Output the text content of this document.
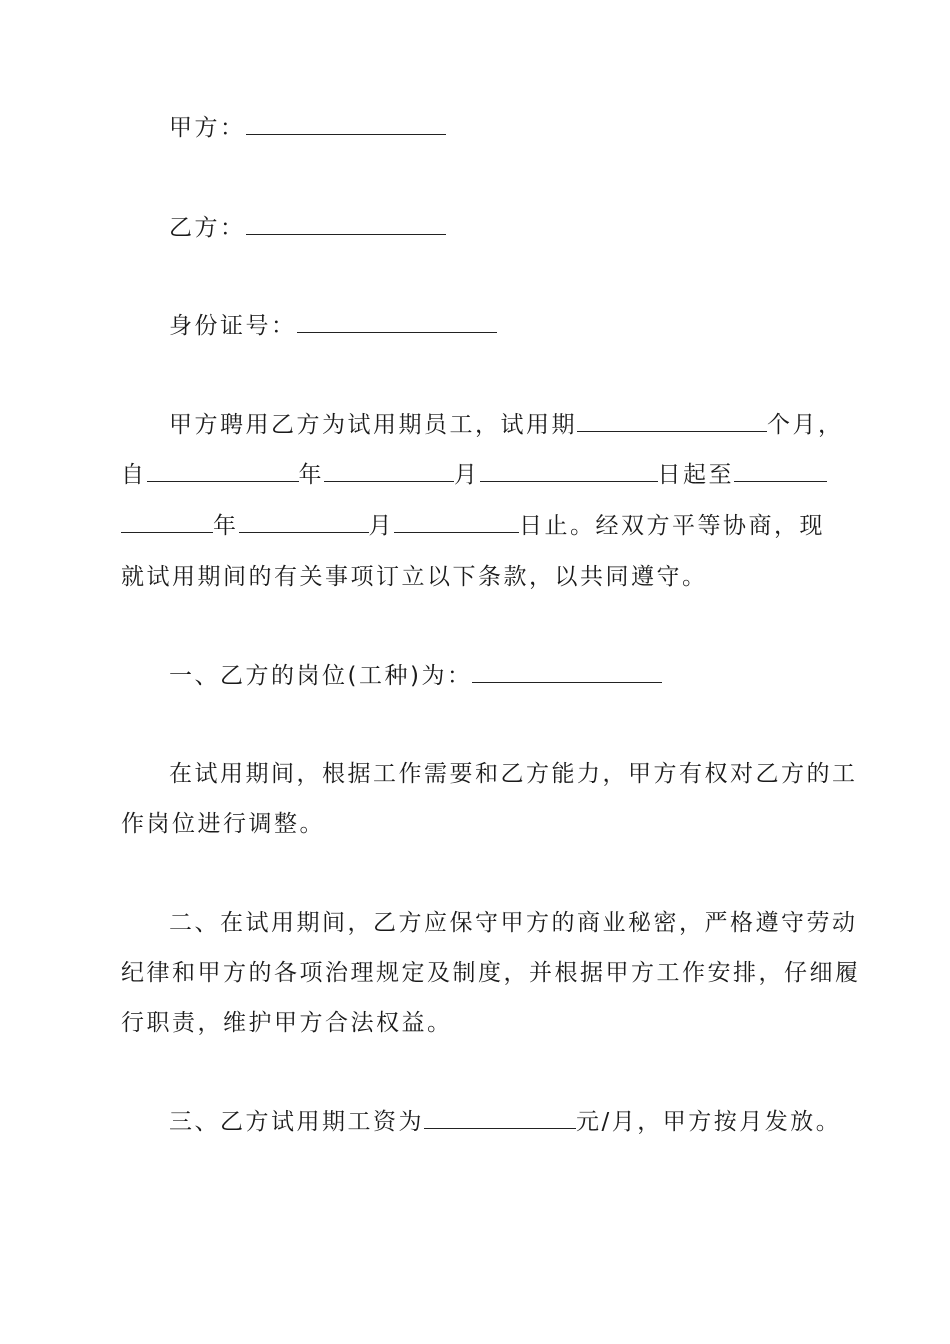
甲方：
乙方：
身份证号：
甲方聘用乙方为试用期员工，试用期	个月，
自	年	月	日起至
年	月	日止。经双方平等协商，现
就试用期间的有关事项订立以下条款，以共同遵守。
一、乙方的岗位(工种)为：
在试用期间，根据工作需要和乙方能力，甲方有权对乙方的工
作岗位进行调整。
二、在试用期间，乙方应保守甲方的商业秘密，严格遵守劳动
纪律和甲方的各项治理规定及制度，并根据甲方工作安排，仔细履
行职责，维护甲方合法权益。
三、乙方试用期工资为	元/月，甲方按月发放。
